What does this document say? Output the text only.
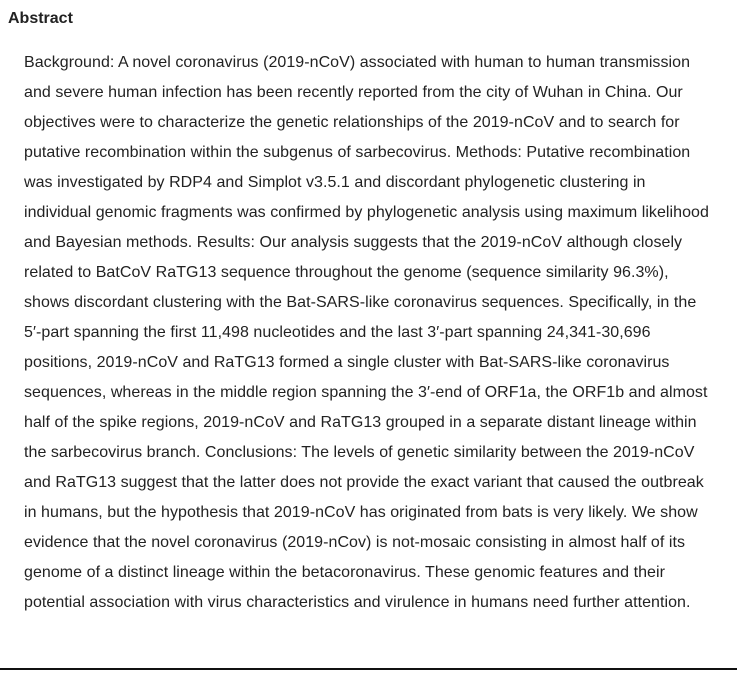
Abstract

Background: A novel coronavirus (2019-nCoV) associated with human to human transmission and severe human infection has been recently reported from the city of Wuhan in China. Our objectives were to characterize the genetic relationships of the 2019-nCoV and to search for putative recombination within the subgenus of sarbecovirus. Methods: Putative recombination was investigated by RDP4 and Simplot v3.5.1 and discordant phylogenetic clustering in individual genomic fragments was confirmed by phylogenetic analysis using maximum likelihood and Bayesian methods. Results: Our analysis suggests that the 2019-nCoV although closely related to BatCoV RaTG13 sequence throughout the genome (sequence similarity 96.3%), shows discordant clustering with the Bat-SARS-like coronavirus sequences. Specifically, in the 5′-part spanning the first 11,498 nucleotides and the last 3′-part spanning 24,341-30,696 positions, 2019-nCoV and RaTG13 formed a single cluster with Bat-SARS-like coronavirus sequences, whereas in the middle region spanning the 3′-end of ORF1a, the ORF1b and almost half of the spike regions, 2019-nCoV and RaTG13 grouped in a separate distant lineage within the sarbecovirus branch. Conclusions: The levels of genetic similarity between the 2019-nCoV and RaTG13 suggest that the latter does not provide the exact variant that caused the outbreak in humans, but the hypothesis that 2019-nCoV has originated from bats is very likely. We show evidence that the novel coronavirus (2019-nCov) is not-mosaic consisting in almost half of its genome of a distinct lineage within the betacoronavirus. These genomic features and their potential association with virus characteristics and virulence in humans need further attention.
